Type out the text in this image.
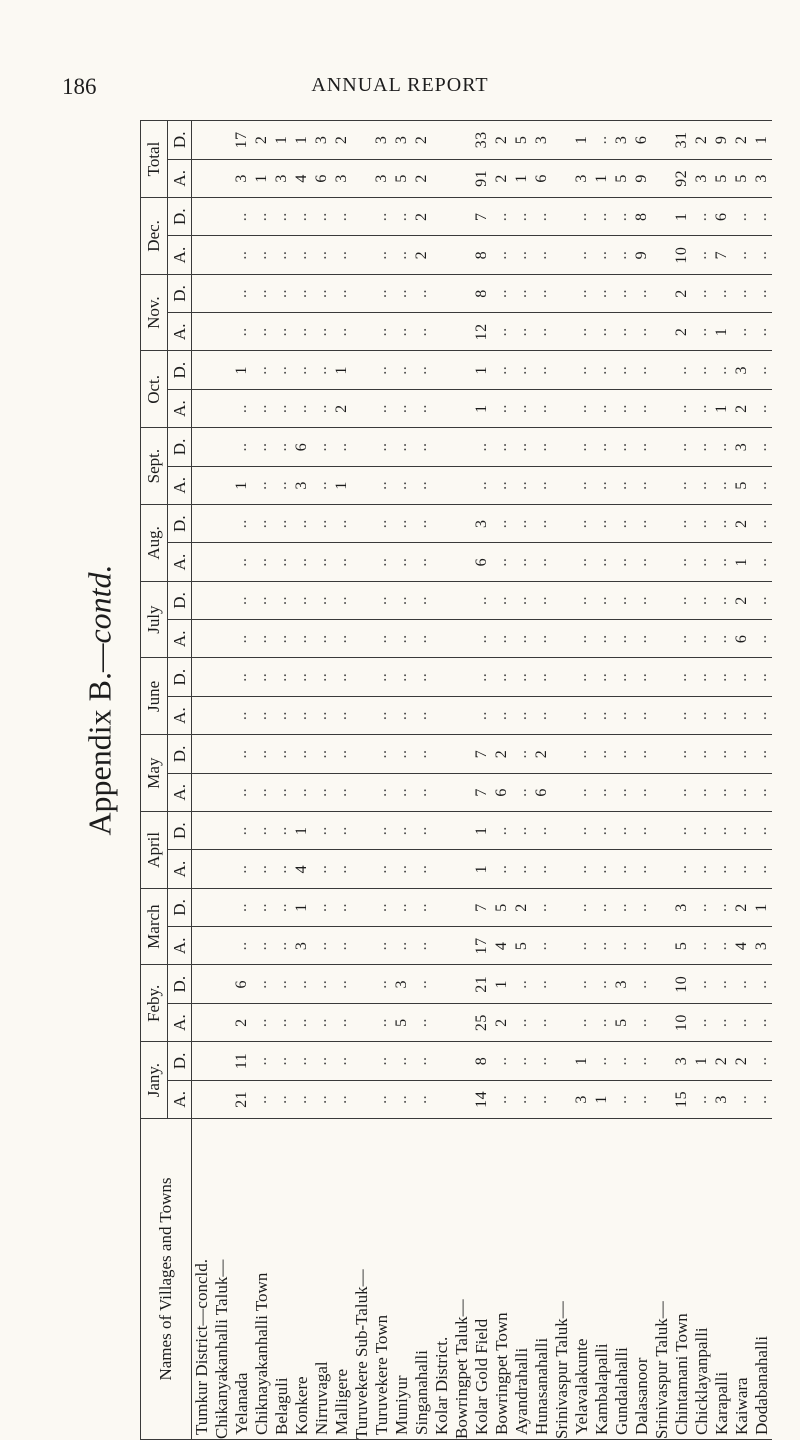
186	ANNUAL REPORT
Appendix B.—contd.
Names of Villages and Towns	Jany.		Feby.		March		April		May		June		July		Aug.		Sept.		Oct.		Nov.		Dec.		Total	
	A.	D.	A.	D.	A.	D.	A.	D.	A.	D.	A.	D.	A.	D.	A.	D.	A.	D.	A.	D.	A.	D.	A.	D.	A.	D.
Tumkur District—concld.																										
Chikanyakanhalli Taluk—																										
Yelanada	21	11	2	6	..	..	..	..	..	..	..	..	..	..	..	..	1	..	..	1	..	..	..	..	3	17
Chiknayakanhalli Town	..	..	..	..	..	..	..	..	..	..	..	..	..	..	..	..	..	..	..	..	..	..	..	..	1	2
Belaguli	..	..	..	..	..	..	..	..	..	..	..	..	..	..	..	..	..	..	..	..	..	..	..	..	3	1
Konkere	..	..	..	..	3	1	4	1	..	..	..	..	..	..	..	..	3	6	..	..	..	..	..	..	4	1
Nirruvagal	..	..	..	..	..	..	..	..	..	..	..	..	..	..	..	..	..	..	..	..	..	..	..	..	6	3
Malligere	..	..	..	..	..	..	..	..	..	..	..	..	..	..	..	..	1	..	2	1	..	..	..	..	3	2
Turuvekere Sub-Taluk—																										
Turuvekere Town	..	..	..	..	..	..	..	..	..	..	..	..	..	..	..	..	..	..	..	..	..	..	..	..	3	3
Muniyur	..	..	5	3	..	..	..	..	..	..	..	..	..	..	..	..	..	..	..	..	..	..	..	..	5	3
Singanahalli	..	..	..	..	..	..	..	..	..	..	..	..	..	..	..	..	..	..	..	..	..	..	2	2	2	2
Kolar District.																										
Bowringpet Taluk—																										
Kolar Gold Field	14	8	25	21	17	7	1	1	7	7	..	..	..	..	6	3	..	..	1	1	12	8	8	7	91	33
Bowringpet Town	..	..	2	1	4	5	..	..	6	2	..	..	..	..	..	..	..	..	..	..	..	..	..	..	2	2
Ayandrahalli	..	..	..	..	5	2	..	..	..	..	..	..	..	..	..	..	..	..	..	..	..	..	..	..	1	5
Hunasanahalli	..	..	..	..	..	..	..	..	6	2	..	..	..	..	..	..	..	..	..	..	..	..	..	..	6	3
Srinivaspur Taluk—																										
Yelavalakunte	3	1	..	..	..	..	..	..	..	..	..	..	..	..	..	..	..	..	..	..	..	..	..	..	3	1
Kambalapalli	1	..	..	..	..	..	..	..	..	..	..	..	..	..	..	..	..	..	..	..	..	..	..	..	1	..
Gundalahalli	..	..	5	3	..	..	..	..	..	..	..	..	..	..	..	..	..	..	..	..	..	..	..	..	5	3
Dalasanoor	..	..	..	..	..	..	..	..	..	..	..	..	..	..	..	..	..	..	..	..	..	..	9	8	9	6
Srinivaspur Taluk—																										
Chintamani Town	15	3	10	10	5	3	..	..	..	..	..	..	..	..	..	..	..	..	..	..	2	2	10	1	92	31
Chicklayanpalli	..	1	..	..	..	..	..	..	..	..	..	..	..	..	..	..	..	..	..	..	..	..	..	..	3	2
Karapalli	3	2	..	..	..	..	..	..	..	..	..	..	..	..	..	..	..	..	1	..	1	..	7	6	5	9
Kaiwara	..	2	..	..	4	2	..	..	..	..	..	..	6	2	1	2	5	3	2	3	..	..	..	..	5	2
Dodabanahalli	..	..	..	..	3	1	..	..	..	..	..	..	..	..	..	..	..	..	..	..	..	..	..	..	3	1
